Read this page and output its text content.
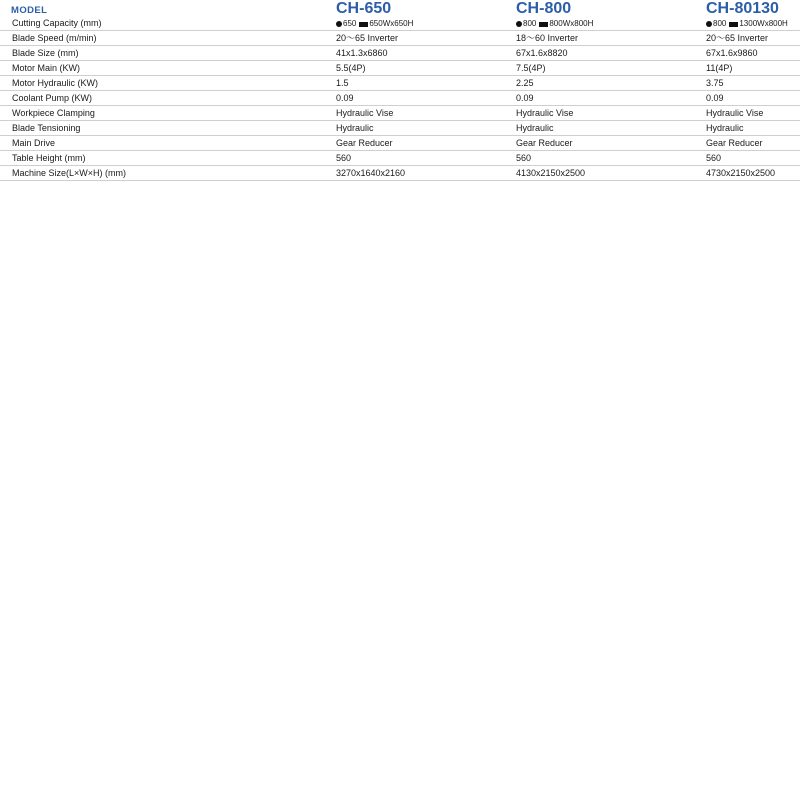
MODEL	CH-650	CH-800	CH-80130
Cutting Capacity (mm)	650 650Wx650H	800 800Wx800H	800 1300Wx800H
Blade Speed (m/min)	20～65 Inverter	18～60 Inverter	20～65 Inverter
Blade Size (mm)	41x1.3x6860	67x1.6x8820	67x1.6x9860
Motor Main (KW)	5.5(4P)	7.5(4P)	11(4P)
Motor Hydraulic (KW)	1.5	2.25	3.75
Coolant Pump (KW)	0.09	0.09	0.09
Workpiece Clamping	Hydraulic Vise	Hydraulic Vise	Hydraulic Vise
Blade Tensioning	Hydraulic	Hydraulic	Hydraulic
Main Drive	Gear Reducer	Gear Reducer	Gear Reducer
Table Height (mm)	560	560	560
Machine Size(L×W×H) (mm)	3270x1640x2160	4130x2150x2500	4730x2150x2500
